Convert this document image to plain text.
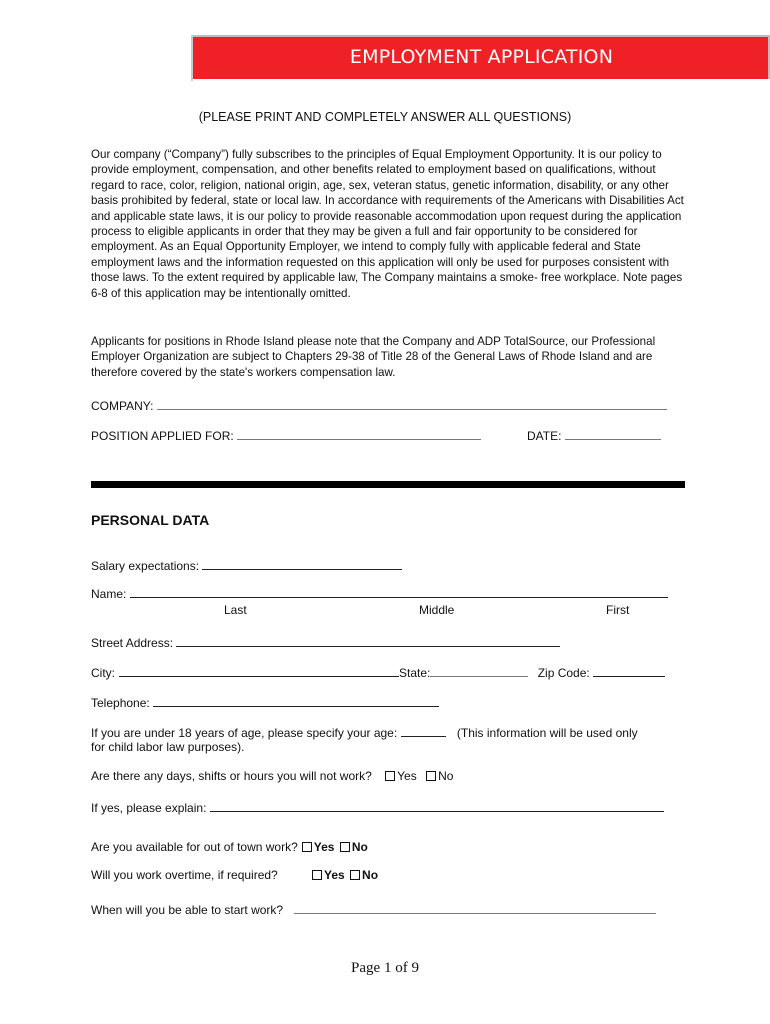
EMPLOYMENT APPLICATION
(PLEASE PRINT AND COMPLETELY ANSWER ALL QUESTIONS)
Our company (“Company”) fully subscribes to the principles of Equal Employment Opportunity. It is our policy to provide employment, compensation, and other benefits related to employment based on qualifications, without regard to race, color, religion, national origin, age, sex, veteran status, genetic information, disability, or any other basis prohibited by federal, state or local law. In accordance with requirements of the Americans with Disabilities Act and applicable state laws, it is our policy to provide reasonable accommodation upon request during the application process to eligible applicants in order that they may be given a full and fair opportunity to be considered for employment. As an Equal Opportunity Employer, we intend to comply fully with applicable federal and State employment laws and the information requested on this application will only be used for purposes consistent with those laws. To the extent required by applicable law, The Company maintains a smoke- free workplace. Note pages 6-8 of this application may be intentionally omitted.
Applicants for positions in Rhode Island please note that the Company and ADP TotalSource, our Professional Employer Organization are subject to Chapters 29-38 of Title 28 of the General Laws of Rhode Island and are therefore covered by the state's workers compensation law.
COMPANY:
POSITION APPLIED FOR:	DATE:
PERSONAL DATA
Salary expectations:
Name:
Last	Middle	First
Street Address:
City:	State:	Zip Code:
Telephone:
If you are under 18 years of age, please specify your age:	(This information will be used only
for child labor law purposes).
Are there any days, shifts or hours you will not work? Yes No
If yes, please explain:
Are you available for out of town work? Yes No
Will you work overtime, if required?	Yes No
When will you be able to start work?
Page 1 of 9
